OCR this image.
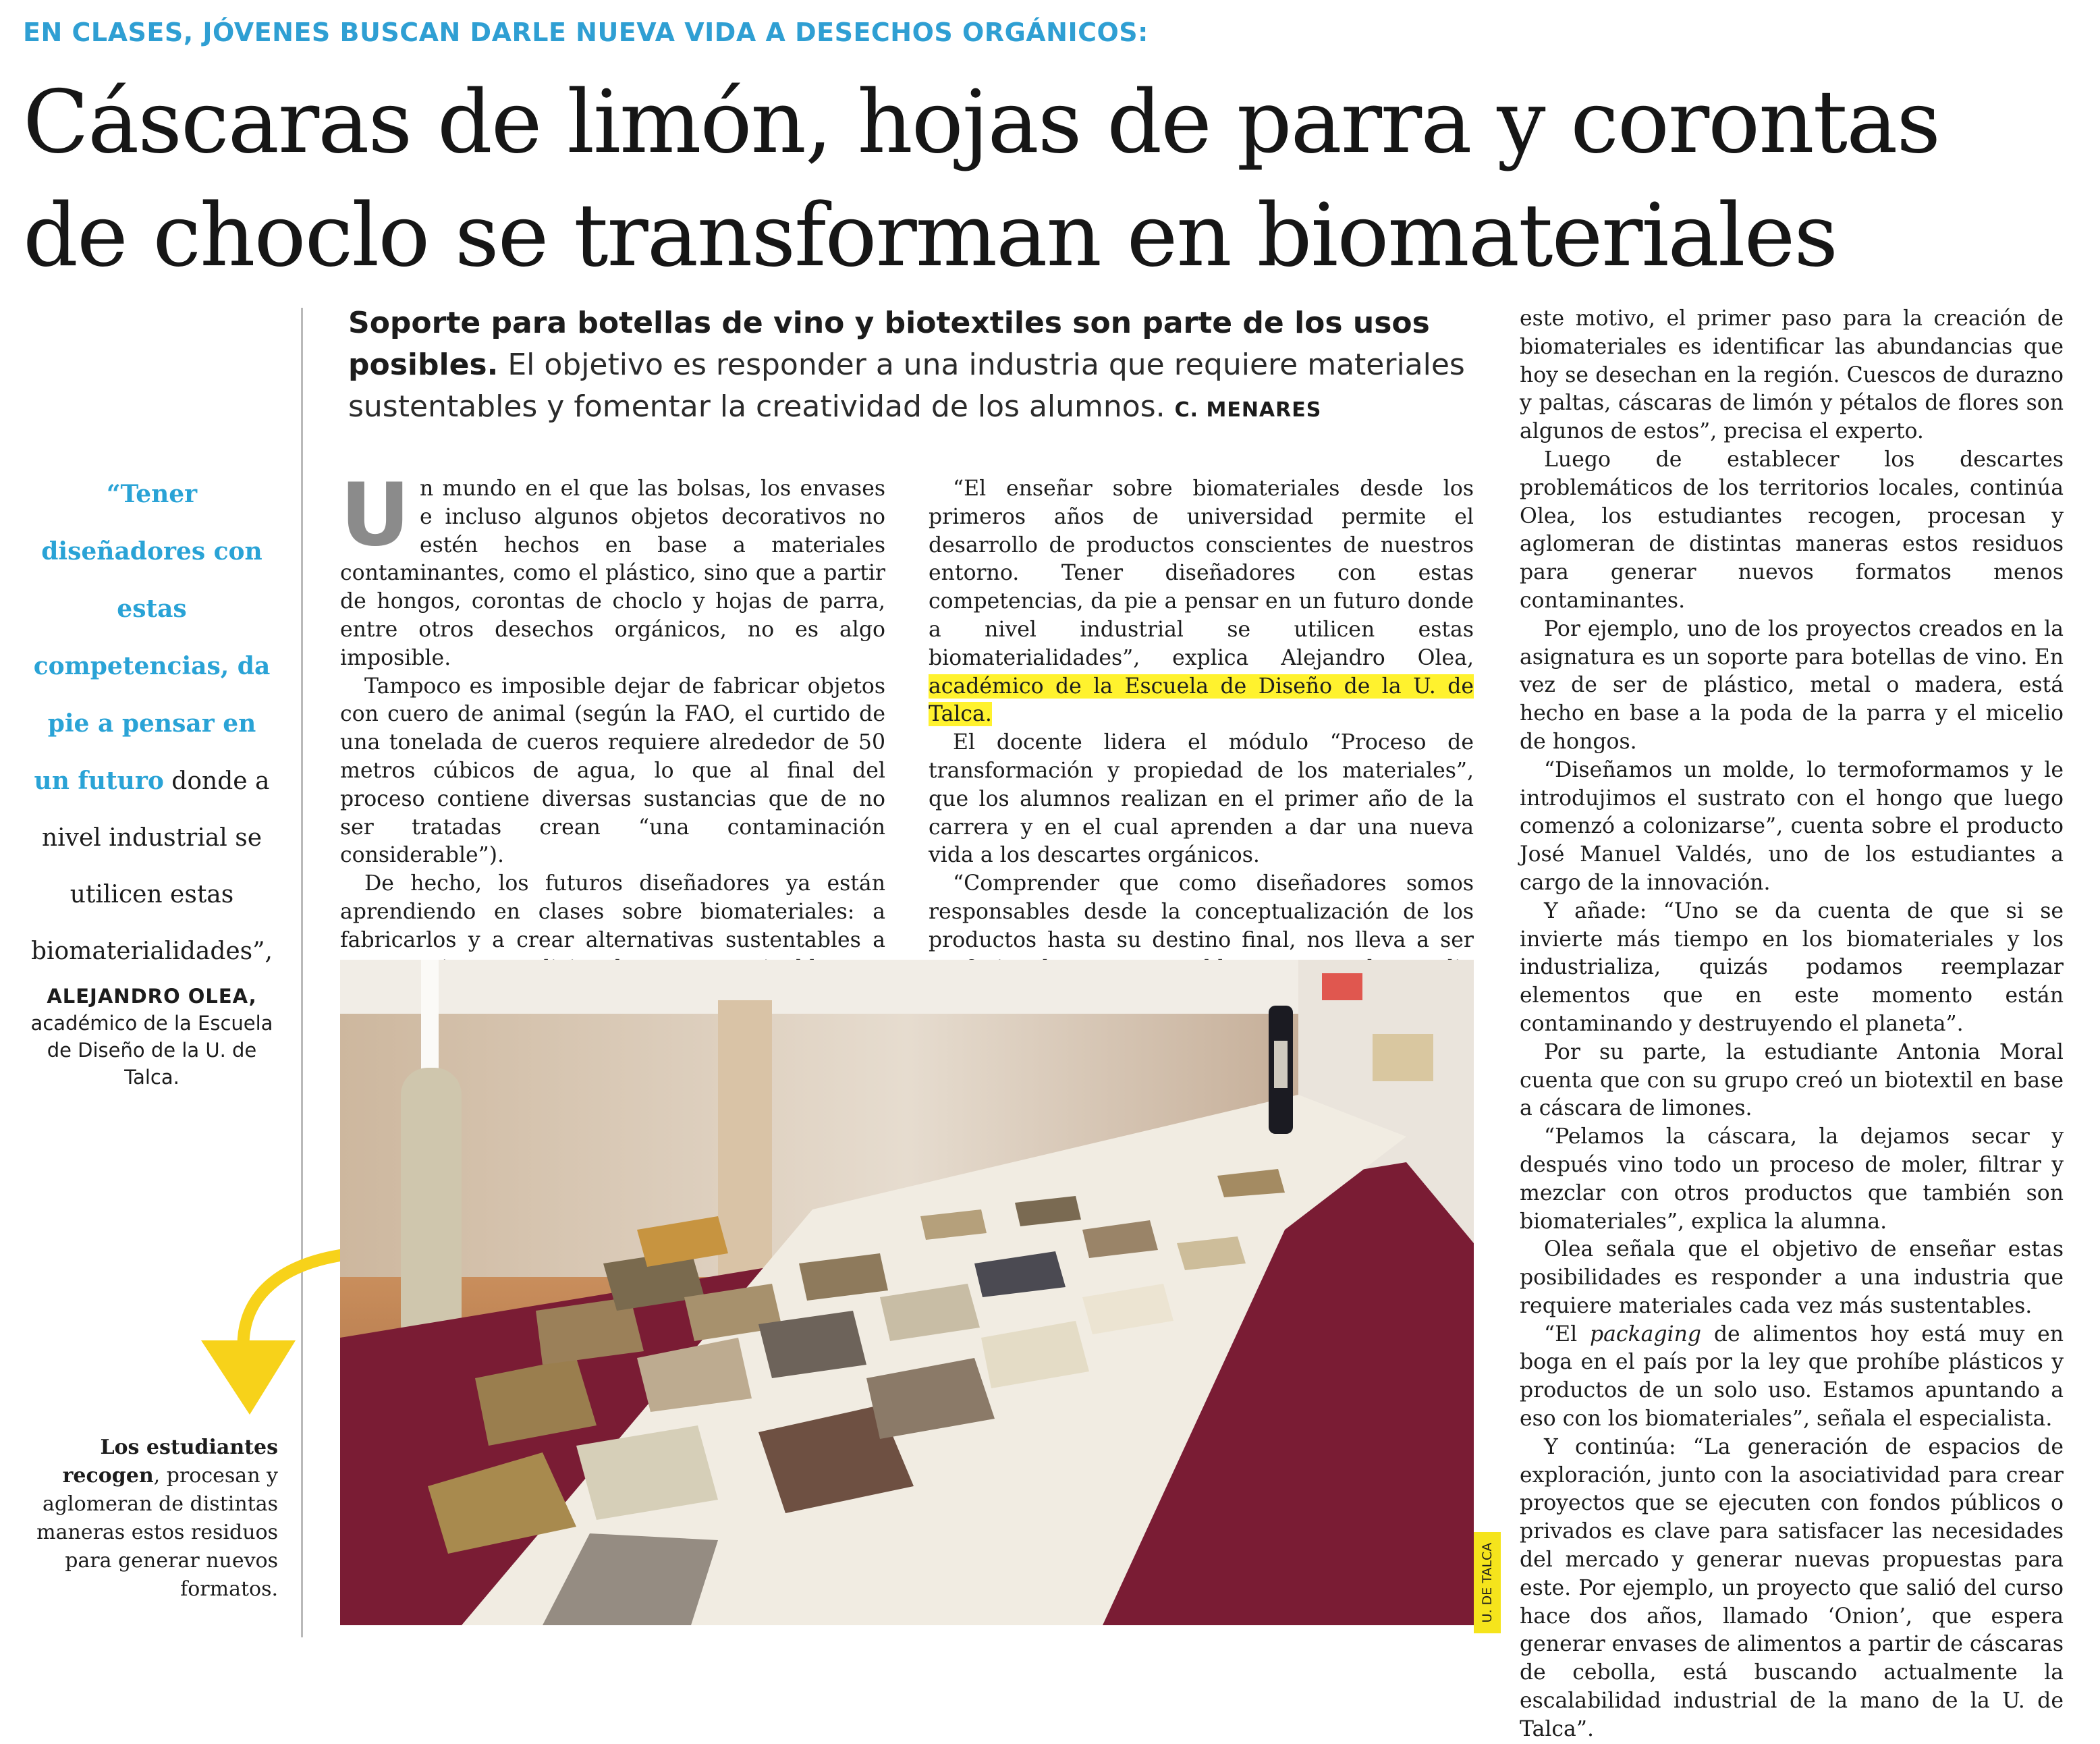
EN CLASES, JÓVENES BUSCAN DARLE NUEVA VIDA A DESECHOS ORGÁNICOS:
Cáscaras de limón, hojas de parra y corontas
de choclo se transforman en biomateriales
“Tener diseñadores con estas competencias, da pie a pensar en un futuro donde a nivel industrial se utilicen estas biomaterialidades”,
ALEJANDRO OLEA,
académico de la Escuela de Diseño de la U. de Talca.
Los estudiantes recogen, procesan y aglomeran de distintas maneras estos residuos para generar nuevos formatos.
Soporte para botellas de vino y biotextiles son parte de los usos posibles. El objetivo es responder a una industria que requiere materiales sustentables y fomentar la creatividad de los alumnos. C. MENARES

Un mundo en el que las bolsas, los envases e incluso algunos objetos decorativos no estén hechos en base a materiales contaminantes, como el plástico, sino que a partir de hongos, corontas de choclo y hojas de parra, entre otros desechos orgánicos, no es algo imposible.

Tampoco es imposible dejar de fabricar objetos con cuero de animal (según la FAO, el curtido de una tonelada de cueros requiere alrededor de 50 metros cúbicos de agua, lo que al final del proceso contiene diversas sustancias que de no ser tratadas crean “una contaminación considerable”).

De hecho, los futuros diseñadores ya están aprendiendo en clases sobre biomateriales: a fabricarlos y a crear alternativas sustentables a

“El enseñar sobre biomateriales desde los primeros años de universidad permite el desarrollo de productos conscientes de nuestros entorno. Tener diseñadores con estas competencias, da pie a pensar en un futuro donde a nivel industrial se utilicen estas biomaterialidades”, explica Alejandro Olea, académico de la Escuela de Diseño de la U. de Talca.

El docente lidera el módulo “Proceso de transformación y propiedad de los materiales”, que los alumnos realizan en el primer año de la carrera y en el cual aprenden a dar una nueva vida a los descartes orgánicos.

“Comprender que como diseñadores somos responsables desde la conceptualización de los productos hasta su destino final, nos lleva a ser

este motivo, el primer paso para la creación de biomateriales es identificar las abundancias que hoy se desechan en la región. Cuescos de durazno y paltas, cáscaras de limón y pétalos de flores son algunos de estos”, precisa el experto.

Luego de establecer los descartes problemáticos de los territorios locales, continúa Olea, los estudiantes recogen, procesan y aglomeran de distintas maneras estos residuos para generar nuevos formatos menos contaminantes.

Por ejemplo, uno de los proyectos creados en la asignatura es un soporte para botellas de vino. En vez de ser de plástico, metal o madera, está hecho en base a la poda de la parra y el micelio de hongos.

“Diseñamos un molde, lo termoformamos y le introdujimos el sustrato con el hongo que luego comenzó a colonizarse”, cuenta sobre el producto José Manuel Valdés, uno de los estudiantes a cargo de la innovación.

Y añade: “Uno se da cuenta de que si se invierte más tiempo en los biomateriales y los industrializa, quizás podamos reemplazar elementos que en este momento están contaminando y destruyendo el planeta”.

Por su parte, la estudiante Antonia Moral cuenta que con su grupo creó un biotextil en base a cáscara de limones.

“Pelamos la cáscara, la dejamos secar y después vino todo un proceso de moler, filtrar y mezclar con otros productos que también son biomateriales”, explica la alumna.

Olea señala que el objetivo de enseñar estas posibilidades es responder a una industria que requiere materiales cada vez más sustentables.

“El packaging de alimentos hoy está muy en boga en el país por la ley que prohíbe plásticos y productos de un solo uso. Estamos apuntando a eso con los biomateriales”, señala el especialista.

Y continúa: “La generación de espacios de exploración, junto con la asociatividad para crear proyectos que se ejecuten con fondos públicos o privados es clave para satisfacer las necesidades del mercado y generar nuevas propuestas para este. Por ejemplo, un proyecto que salió del curso hace dos años, llamado ‘Onion’, que espera generar envases de alimentos a partir de cáscaras de cebolla, está buscando actualmente la escalabilidad industrial de la mano de la U. de Talca”.

U. DE TALCA
